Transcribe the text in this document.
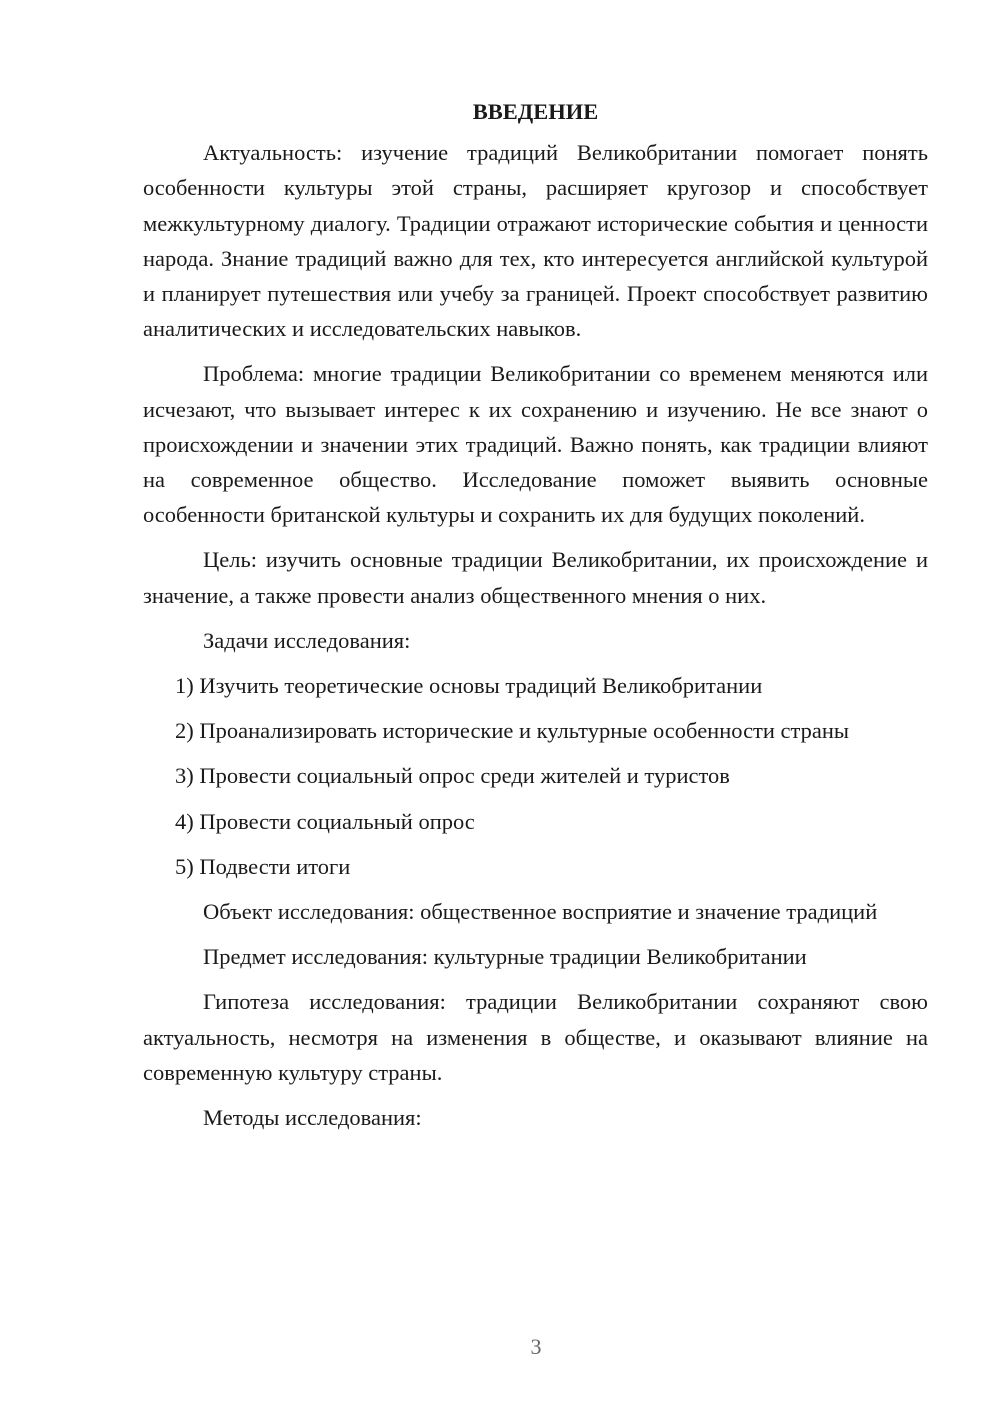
ВВЕДЕНИЕ

Актуальность: изучение традиций Великобритании помогает понять особенности культуры этой страны, расширяет кругозор и способствует межкультурному диалогу. Традиции отражают исторические события и ценности народа. Знание традиций важно для тех, кто интересуется английской культурой и планирует путешествия или учебу за границей. Проект способствует развитию аналитических и исследовательских навыков.

Проблема: многие традиции Великобритании со временем меняются или исчезают, что вызывает интерес к их сохранению и изучению. Не все знают о происхождении и значении этих традиций. Важно понять, как традиции влияют на современное общество. Исследование поможет выявить основные особенности британской культуры и сохранить их для будущих поколений.

Цель: изучить основные традиции Великобритании, их происхождение и значение, а также провести анализ общественного мнения о них.

Задачи исследования:

1) Изучить теоретические основы традиций Великобритании
2) Проанализировать исторические и культурные особенности страны
3) Провести социальный опрос среди жителей и туристов
4) Провести социальный опрос
5) Подвести итоги

Объект исследования: общественное восприятие и значение традиций

Предмет исследования: культурные традиции Великобритании

Гипотеза исследования: традиции Великобритании сохраняют свою актуальность, несмотря на изменения в обществе, и оказывают влияние на современную культуру страны.

Методы исследования:

3
